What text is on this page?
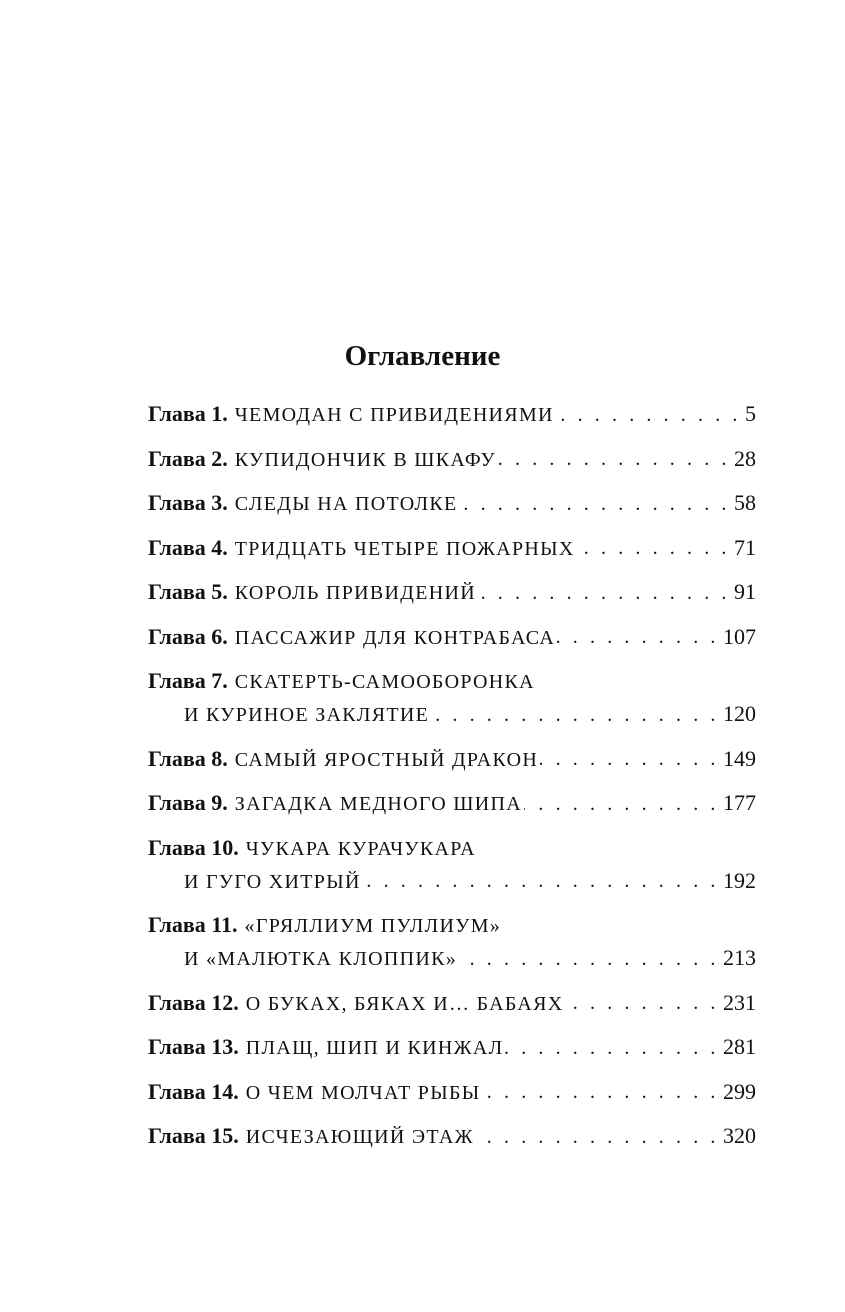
Оглавление
Глава 1. ЧЕМОДАН С ПРИВИДЕНИЯМИ . . .	5
Глава 2. КУПИДОНЧИК В ШКАФУ . . .	28
Глава 3. СЛЕДЫ НА ПОТОЛКЕ . . .	58
Глава 4. ТРИДЦАТЬ ЧЕТЫРЕ ПОЖАРНЫХ . . .	71
Глава 5. КОРОЛЬ ПРИВИДЕНИЙ . . .	91
Глава 6. ПАССАЖИР ДЛЯ КОНТРАБАСА . . .	107
Глава 7. СКАТЕРТЬ-САМООБОРОНКА
И КУРИНОЕ ЗАКЛЯТИЕ . . .	120
Глава 8. САМЫЙ ЯРОСТНЫЙ ДРАКОН . . .	149
Глава 9. ЗАГАДКА МЕДНОГО ШИПА . . .	177
Глава 10. ЧУКАРА КУРАЧУКАРА
И ГУГО ХИТРЫЙ . . .	192
Глава 11. «ГРЯЛЛИУМ ПУЛЛИУМ»
И «МАЛЮТКА КЛОППИК» . . .	213
Глава 12. О БУКАХ, БЯКАХ И… БАБАЯХ . . .	231
Глава 13. ПЛАЩ, ШИП И КИНЖАЛ . . .	281
Глава 14. О ЧЕМ МОЛЧАТ РЫБЫ . . .	299
Глава 15. ИСЧЕЗАЮЩИЙ ЭТАЖ . . .	320
